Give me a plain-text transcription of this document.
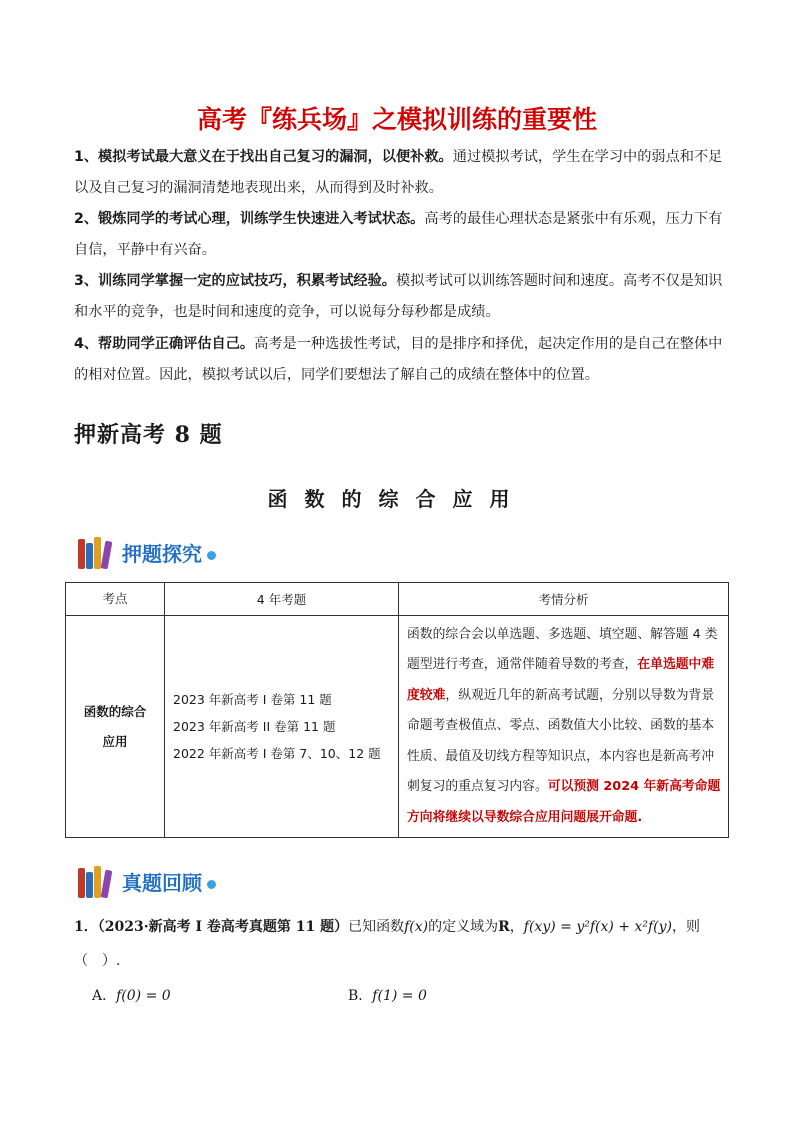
高考『练兵场』之模拟训练的重要性
1、模拟考试最大意义在于找出自己复习的漏洞，以便补救。通过模拟考试，学生在学习中的弱点和不足以及自己复习的漏洞清楚地表现出来，从而得到及时补救。
2、锻炼同学的考试心理，训练学生快速进入考试状态。高考的最佳心理状态是紧张中有乐观，压力下有自信，平静中有兴奋。
3、训练同学掌握一定的应试技巧，积累考试经验。模拟考试可以训练答题时间和速度。高考不仅是知识和水平的竞争，也是时间和速度的竞争，可以说每分每秒都是成绩。
4、帮助同学正确评估自己。高考是一种选拔性考试，目的是排序和择优，起决定作用的是自己在整体中的相对位置。因此，模拟考试以后，同学们要想法了解自己的成绩在整体中的位置。
押新高考 8 题
函数的综合应用
押题探究
考点	4 年考题	考情分析

函数的综合应用	2023 年新高考 I 卷第 11 题
2023 年新高考 II 卷第 11 题
2022 年新高考 I 卷第 7、10、12 题	函数的综合会以单选题、多选题、填空题、解答题 4 类题型进行考查，通常伴随着导数的考查，在单选题中难度较难，纵观近几年的新高考试题，分别以导数为背景命题考查极值点、零点、函数值大小比较、函数的基本性质、最值及切线方程等知识点，本内容也是新高考冲刺复习的重点复习内容。可以预测 2024 年新高考命题方向将继续以导数综合应用问题展开命题.
真题回顾
1．（2023·新高考 I 卷高考真题第 11 题）已知函数f(x)的定义域为R，f(xy) = y²f(x) + x²f(y)，则
（　）.
A．f(0) = 0	B．f(1) = 0
